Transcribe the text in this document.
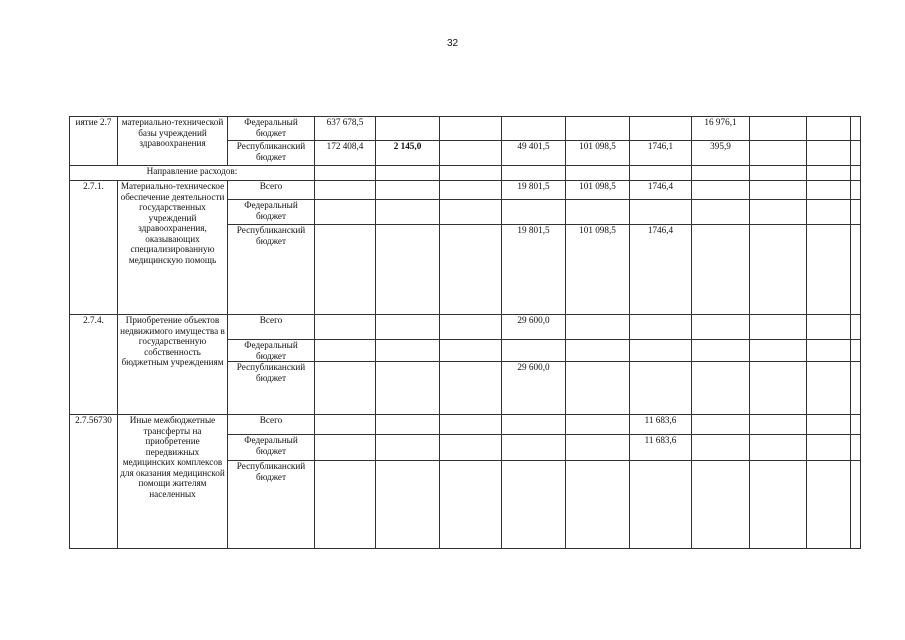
32
иятие 2.7	материально-технической базы учреждений здравоохранения	Федеральный бюджет	637 678,5						16 976,1			
		Республиканский бюджет	172 408,4	2 145,0		49 401,5	101 098,5	1746,1	395,9			
Направление расходов:												
2.7.1.	Материально-техническое обеспечение деятельности государственных учреждений здравоохранения, оказывающих специализированную медицинскую помощь	Всего				19 801,5	101 098,5	1746,4				
		Федеральный бюджет										
		Республиканский бюджет				19 801,5	101 098,5	1746,4				
2.7.4.	Приобретение объектов недвижимого имущества в государственную собственность бюджетным учреждениям	Всего				29 600,0						
		Федеральный бюджет										
		Республиканский бюджет				29 600,0						
2.7.56730	Иные межбюджетные трансферты на приобретение передвижных медицинских комплексов для оказания медицинской помощи жителям населенных	Всего						11 683,6				
		Федеральный бюджет						11 683,6				
		Республиканский бюджет										
